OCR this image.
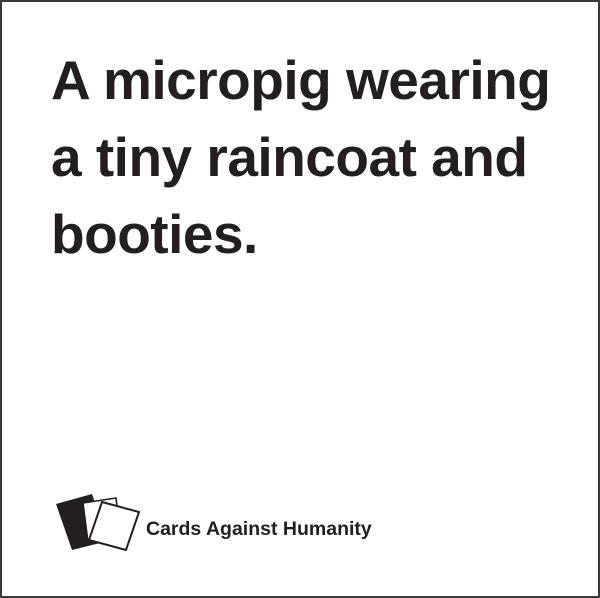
A micropig wearing a tiny raincoat and booties.

Cards Against Humanity
